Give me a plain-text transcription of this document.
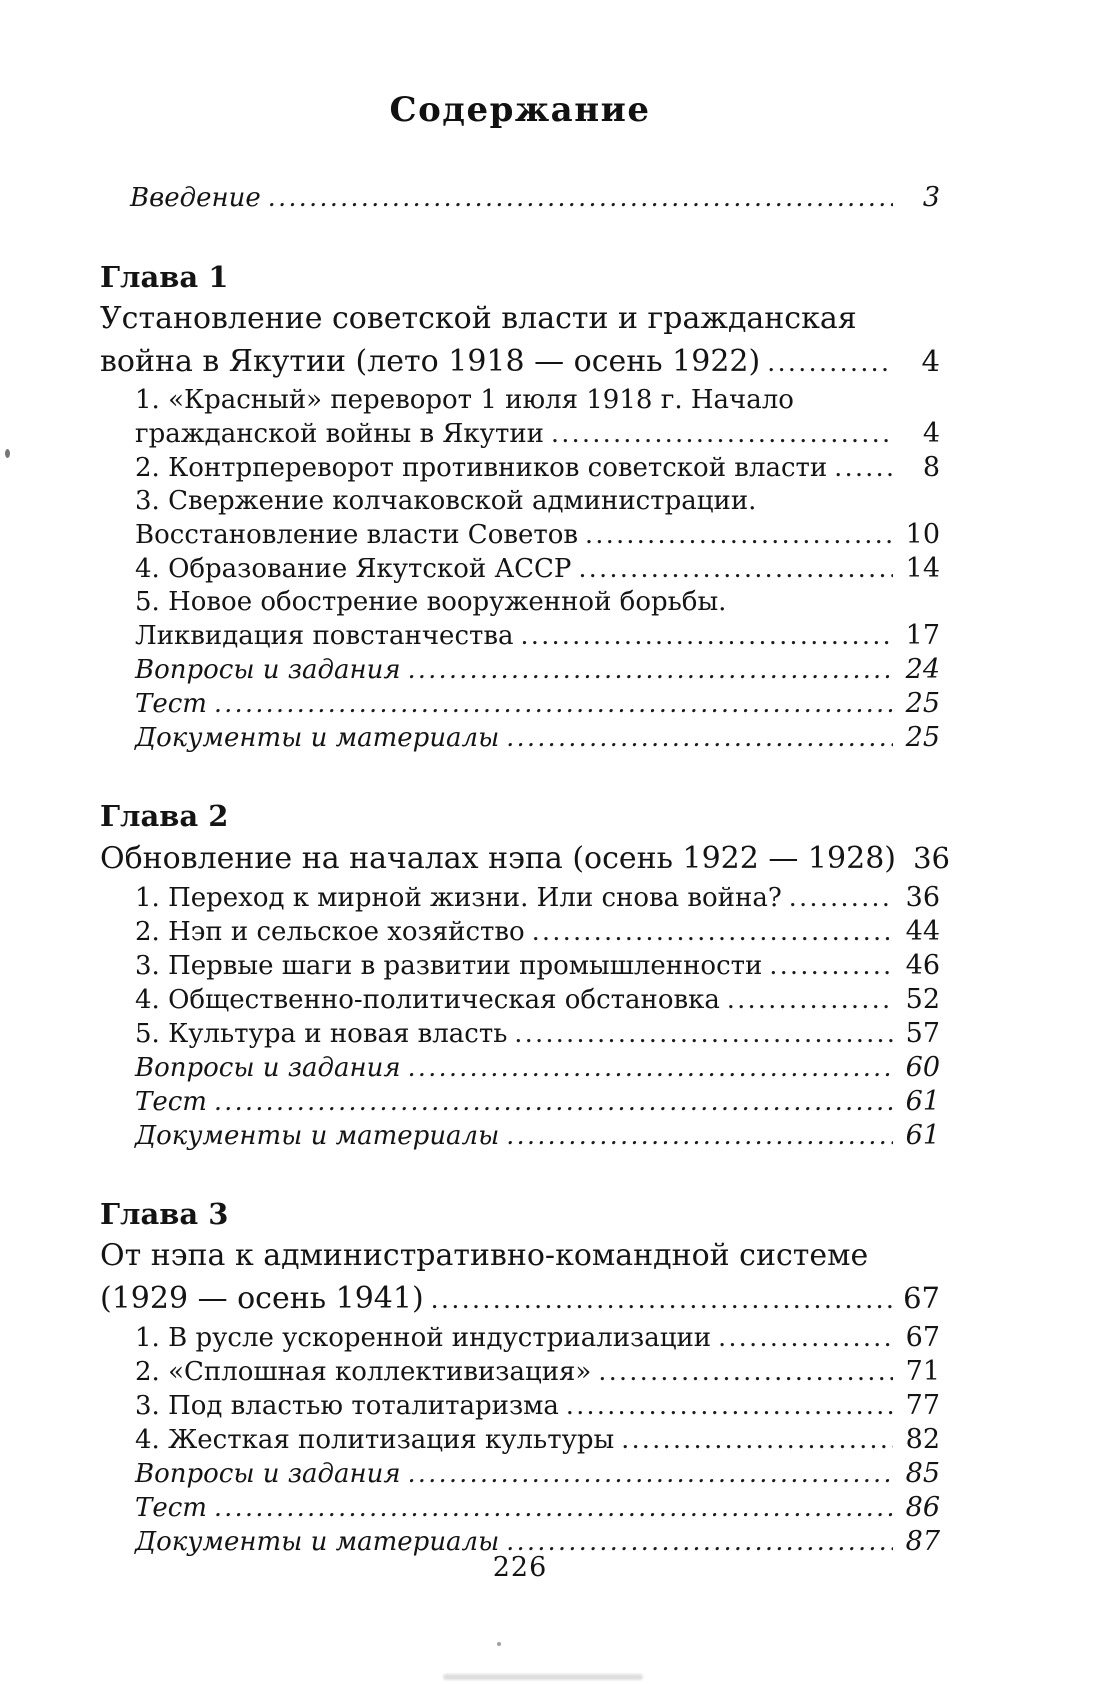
Содержание
Введение .....	3
Глава 1
Установление советской власти и гражданская
война в Якутии (лето 1918 — осень 1922) .....	4
1. «Красный» переворот 1 июля 1918 г. Начало
гражданской войны в Якутии .....	4
2. Контрпереворот противников советской власти .....	8
3. Свержение колчаковской администрации.
Восстановление власти Советов .....	10
4. Образование Якутской АССР .....	14
5. Новое обострение вооруженной борьбы.
Ликвидация повстанчества .....	17
Вопросы и задания .....	24
Тест .....	25
Документы и материалы .....	25
Глава 2
Обновление на началах нэпа (осень 1922 — 1928) 36
1. Переход к мирной жизни. Или снова война? .....	36
2. Нэп и сельское хозяйство .....	44
3. Первые шаги в развитии промышленности .....	46
4. Общественно-политическая обстановка .....	52
5. Культура и новая власть .....	57
Вопросы и задания .....	60
Тест .....	61
Документы и материалы .....	61
Глава 3
От нэпа к административно-командной системе
(1929 — осень 1941) .....	67
1. В русле ускоренной индустриализации .....	67
2. «Сплошная коллективизация» .....	71
3. Под властью тоталитаризма .....	77
4. Жесткая политизация культуры .....	82
Вопросы и задания .....	85
Тест .....	86
Документы и материалы .....	87
226
